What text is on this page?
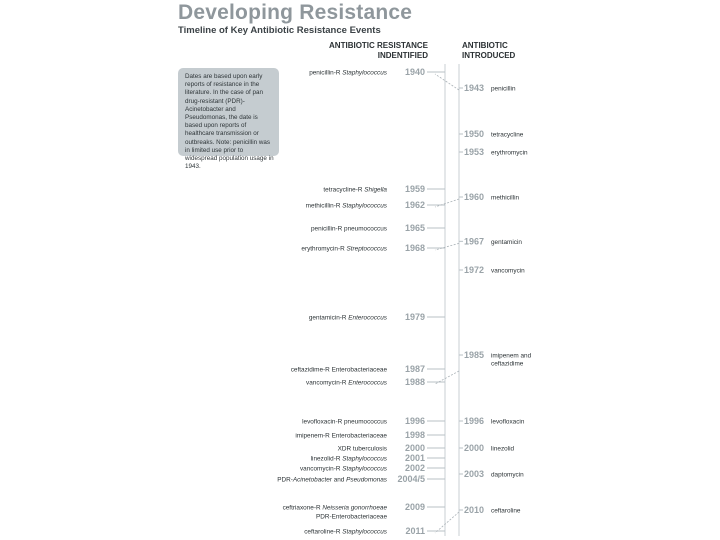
Developing Resistance
Timeline of Key Antibiotic Resistance Events
ANTIBIOTIC RESISTANCE
INDENTIFIED
ANTIBIOTIC
INTRODUCED
Dates are based upon early reports of resistance in the literature. In the case of pan drug-resistant (PDR)-Acinetobacter and Pseudomonas, the date is based upon reports of healthcare transmission or outbreaks. Note: penicillin was in limited use prior to widespread population usage in 1943.
1940
penicillin-R Staphylococcus
1959
tetracycline-R Shigella
1962
methicillin-R Staphylococcus
1965
penicillin-R pneumococcus
1968
erythromycin-R Streptococcus
1979
gentamicin-R Enterococcus
1987
ceftazidime-R Enterobacteriaceae
1988
vancomycin-R Enterococcus
1996
levofloxacin-R pneumococcus
1998
imipenem-R Enterobacteriaceae
2000
XDR tuberculosis
2001
linezolid-R Staphylococcus
2002
vancomycin-R Staphylococcus
2004/5
PDR-Acinetobacter and Pseudomonas
2009
ceftriaxone-R Neisseria gonorrhoeae
PDR-Enterobacteriaceae
2011
ceftaroline-R Staphylococcus
1943 penicillin
1950 tetracycline
1953 erythromycin
1960 methicillin
1967 gentamicin
1972 vancomycin
1985 imipenem and
ceftazidime
1996 levofloxacin
2000 linezolid
2003 daptomycin
2010 ceftaroline
